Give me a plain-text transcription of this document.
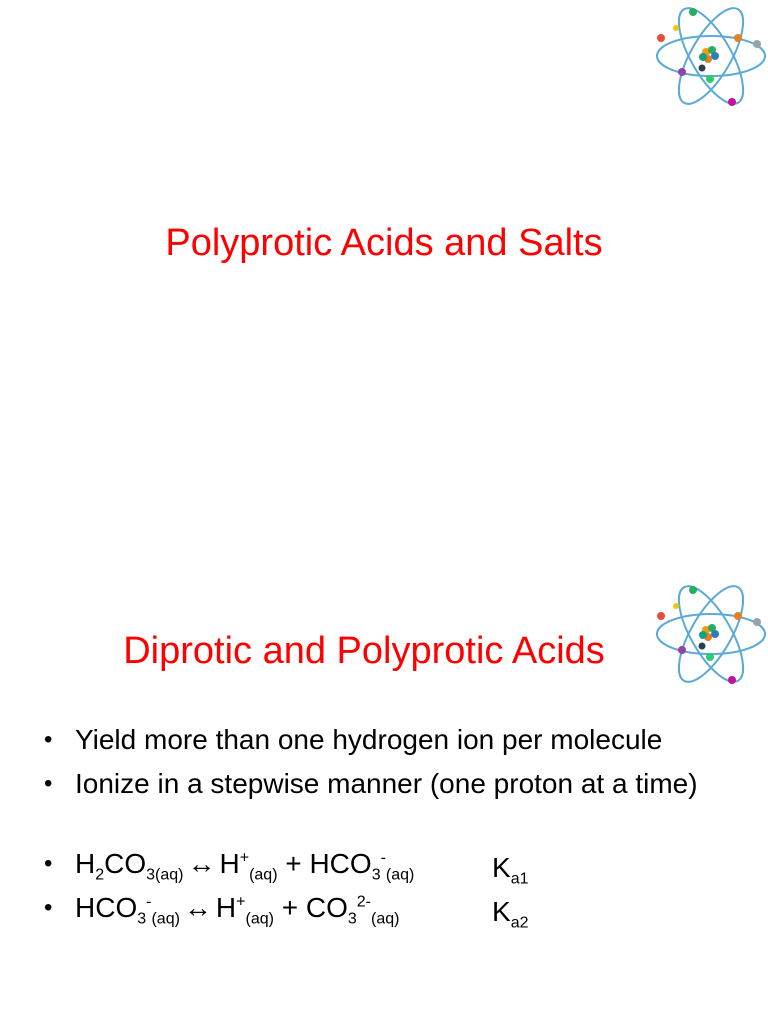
Polyprotic Acids and Salts
Diprotic and Polyprotic Acids
• Yield more than one hydrogen ion per molecule
• Ionize in a stepwise manner (one proton at a time)
• $H_2CO_{3(aq)}$ ↔ $H^+_{(aq)} + HCO_3^-_{(aq)}$	$K_{a1}$
• $HCO_3^-_{(aq)}$ ↔ $H^+_{(aq)} + CO_3^{2-}_{(aq)}$	$K_{a2}$
